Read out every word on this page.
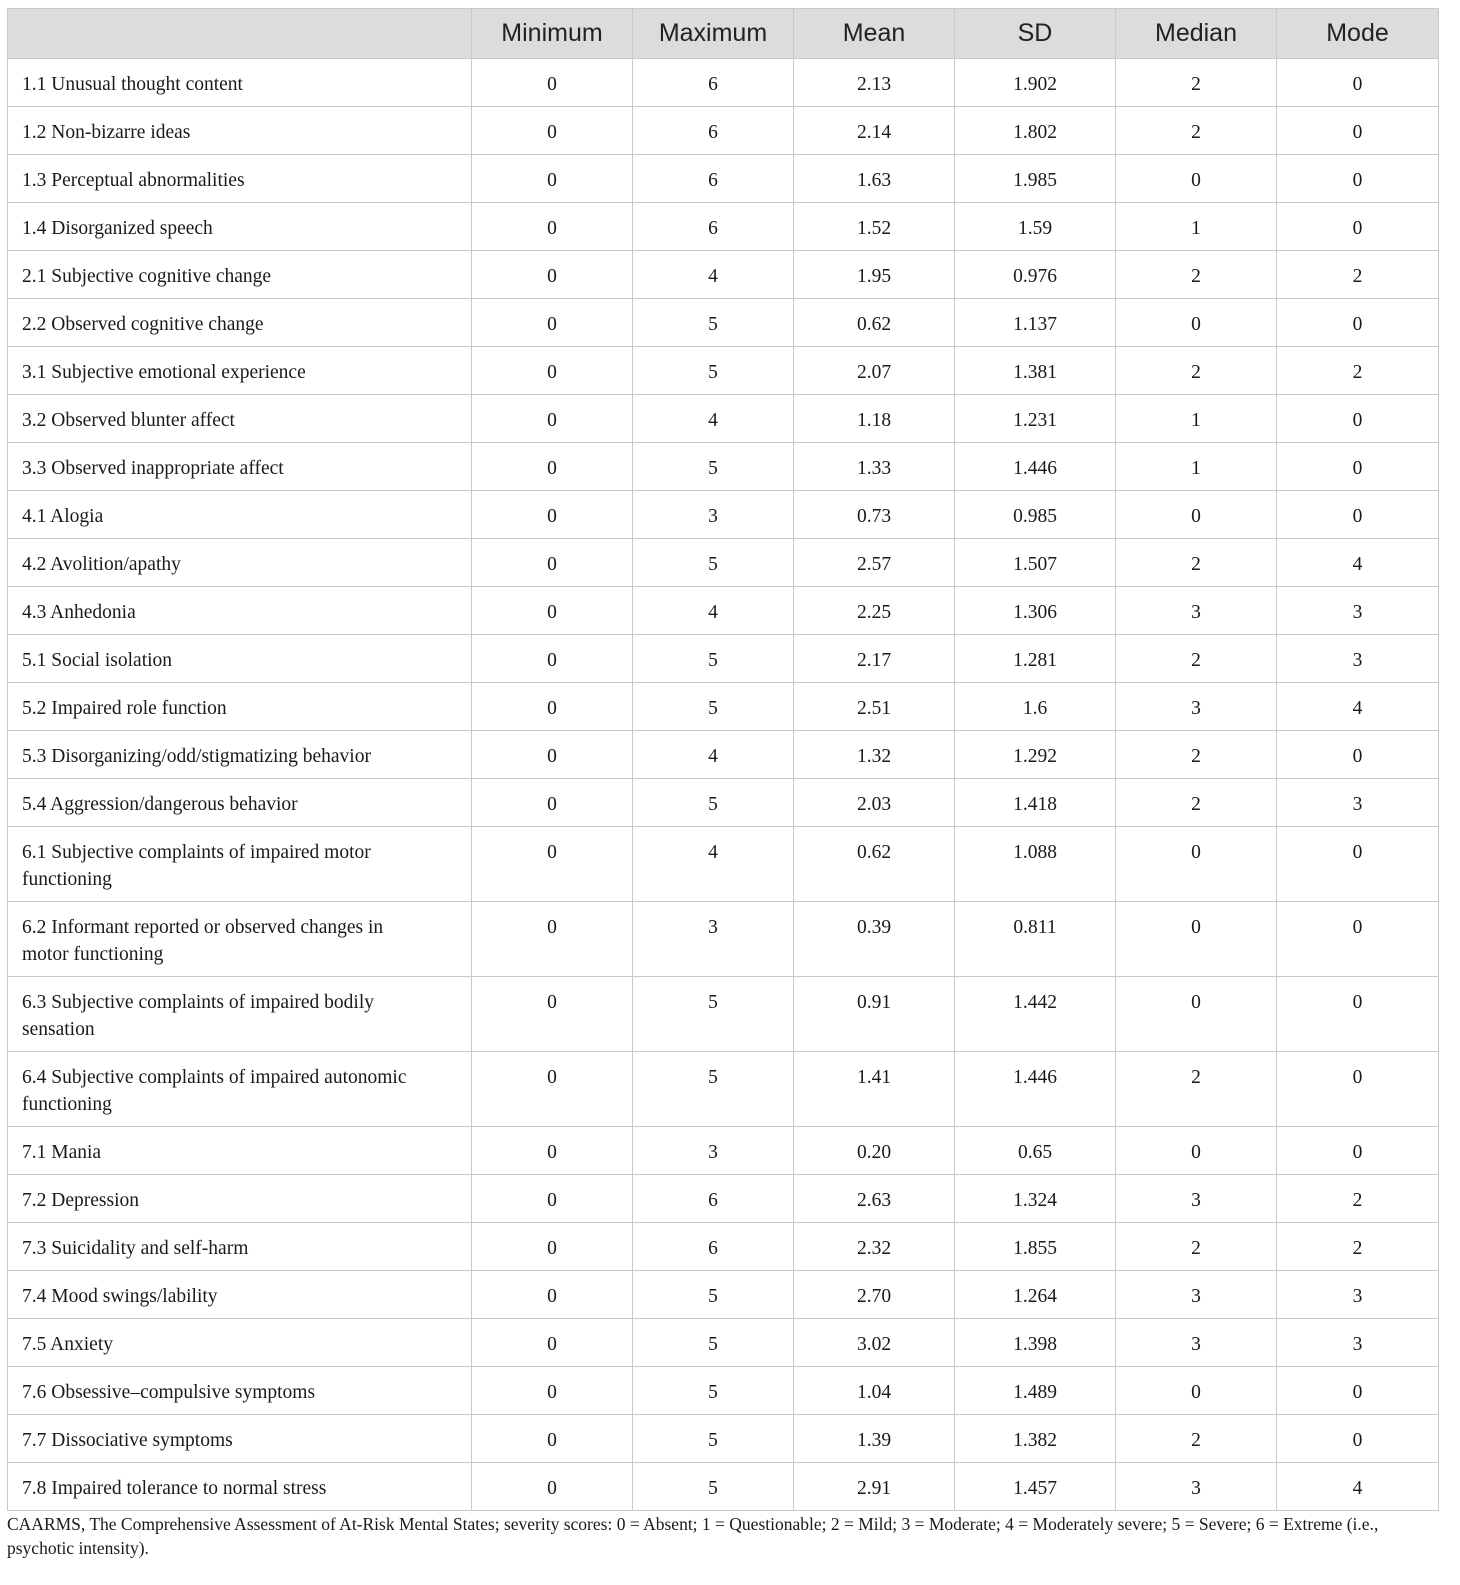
	Minimum	Maximum	Mean	SD	Median	Mode
1.1 Unusual thought content	0	6	2.13	1.902	2	0
1.2 Non-bizarre ideas	0	6	2.14	1.802	2	0
1.3 Perceptual abnormalities	0	6	1.63	1.985	0	0
1.4 Disorganized speech	0	6	1.52	1.59	1	0
2.1 Subjective cognitive change	0	4	1.95	0.976	2	2
2.2 Observed cognitive change	0	5	0.62	1.137	0	0
3.1 Subjective emotional experience	0	5	2.07	1.381	2	2
3.2 Observed blunter affect	0	4	1.18	1.231	1	0
3.3 Observed inappropriate affect	0	5	1.33	1.446	1	0
4.1 Alogia	0	3	0.73	0.985	0	0
4.2 Avolition/apathy	0	5	2.57	1.507	2	4
4.3 Anhedonia	0	4	2.25	1.306	3	3
5.1 Social isolation	0	5	2.17	1.281	2	3
5.2 Impaired role function	0	5	2.51	1.6	3	4
5.3 Disorganizing/odd/stigmatizing behavior	0	4	1.32	1.292	2	0
5.4 Aggression/dangerous behavior	0	5	2.03	1.418	2	3
6.1 Subjective complaints of impaired motor functioning	0	4	0.62	1.088	0	0
6.2 Informant reported or observed changes in motor functioning	0	3	0.39	0.811	0	0
6.3 Subjective complaints of impaired bodily sensation	0	5	0.91	1.442	0	0
6.4 Subjective complaints of impaired autonomic functioning	0	5	1.41	1.446	2	0
7.1 Mania	0	3	0.20	0.65	0	0
7.2 Depression	0	6	2.63	1.324	3	2
7.3 Suicidality and self-harm	0	6	2.32	1.855	2	2
7.4 Mood swings/lability	0	5	2.70	1.264	3	3
7.5 Anxiety	0	5	3.02	1.398	3	3
7.6 Obsessive–compulsive symptoms	0	5	1.04	1.489	0	0
7.7 Dissociative symptoms	0	5	1.39	1.382	2	0
7.8 Impaired tolerance to normal stress	0	5	2.91	1.457	3	4

CAARMS, The Comprehensive Assessment of At-Risk Mental States; severity scores: 0 = Absent; 1 = Questionable; 2 = Mild; 3 = Moderate; 4 = Moderately severe; 5 = Severe; 6 = Extreme (i.e., psychotic intensity).
